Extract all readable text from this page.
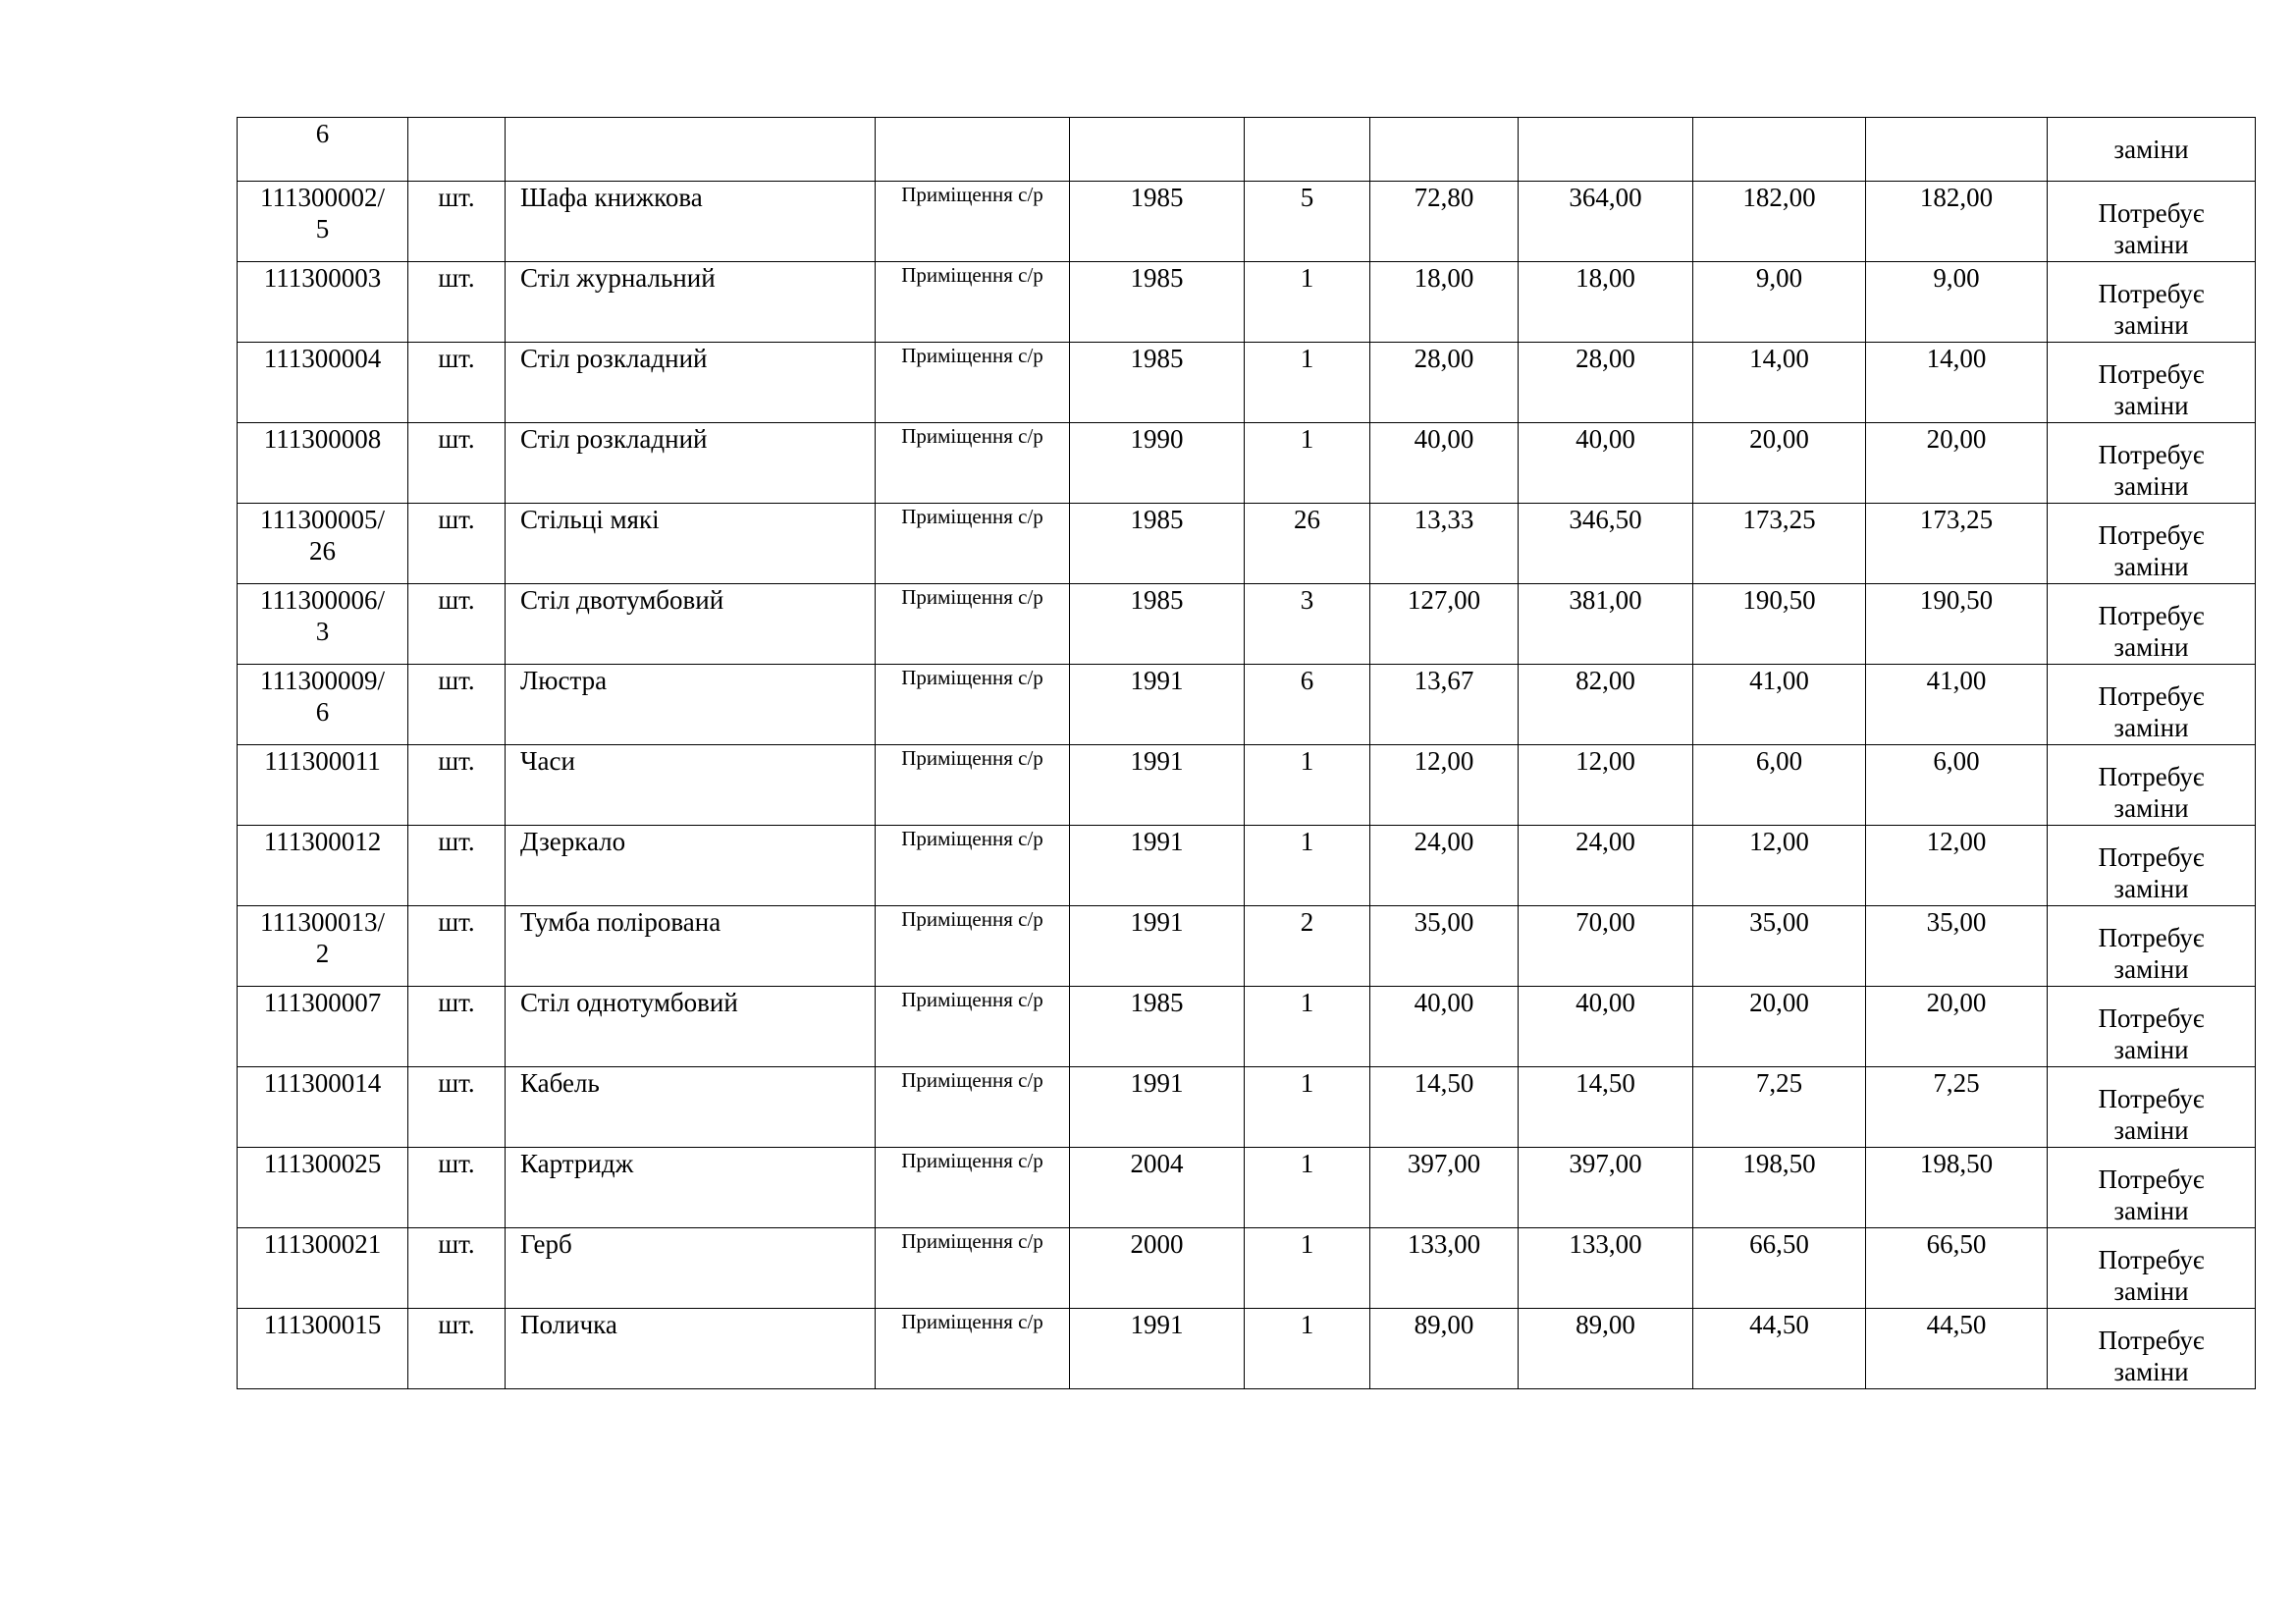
6										заміни

111300002/
5	шт.	Шафа книжкова	Приміщення с/р	1985	5	72,80	364,00	182,00	182,00	Потребує
заміни

111300003	шт.	Стіл журнальний	Приміщення с/р	1985	1	18,00	18,00	9,00	9,00	Потребує
заміни

111300004	шт.	Стіл розкладний	Приміщення с/р	1985	1	28,00	28,00	14,00	14,00	Потребує
заміни

111300008	шт.	Стіл розкладний	Приміщення с/р	1990	1	40,00	40,00	20,00	20,00	Потребує
заміни

111300005/
26	шт.	Стільці мякі	Приміщення с/р	1985	26	13,33	346,50	173,25	173,25	Потребує
заміни

111300006/
3	шт.	Стіл двотумбовий	Приміщення с/р	1985	3	127,00	381,00	190,50	190,50	Потребує
заміни

111300009/
6	шт.	Люстра	Приміщення с/р	1991	6	13,67	82,00	41,00	41,00	Потребує
заміни

111300011	шт.	Часи	Приміщення с/р	1991	1	12,00	12,00	6,00	6,00	Потребує
заміни

111300012	шт.	Дзеркало	Приміщення с/р	1991	1	24,00	24,00	12,00	12,00	Потребує
заміни

111300013/
2	шт.	Тумба полірована	Приміщення с/р	1991	2	35,00	70,00	35,00	35,00	Потребує
заміни

111300007	шт.	Стіл однотумбовий	Приміщення с/р	1985	1	40,00	40,00	20,00	20,00	Потребує
заміни

111300014	шт.	Кабель	Приміщення с/р	1991	1	14,50	14,50	7,25	7,25	Потребує
заміни

111300025	шт.	Картридж	Приміщення с/р	2004	1	397,00	397,00	198,50	198,50	Потребує
заміни

111300021	шт.	Герб	Приміщення с/р	2000	1	133,00	133,00	66,50	66,50	Потребує
заміни

111300015	шт.	Поличка	Приміщення с/р	1991	1	89,00	89,00	44,50	44,50	Потребує
заміни
